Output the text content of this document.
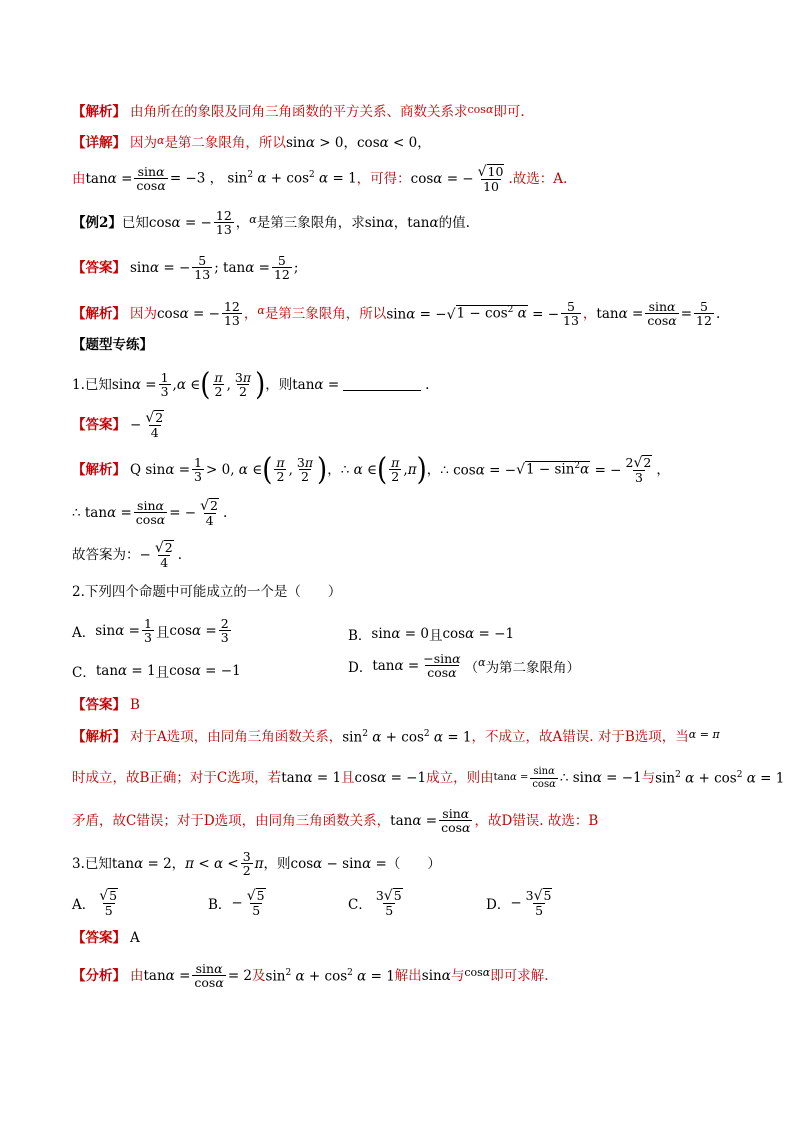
【解析】 由角所在的象限及同角三角函数的平方关系、商数关系求 cosα 即可.
【详解】 因为 α 是第二象限角，所以 sinα > 0 ， cosα < 0 ，
由 $\tan\alpha = \frac{\sin\alpha}{\cos\alpha} = -3$ ， $\sin^2 \alpha + \cos^2 \alpha = 1$ ，可得： cosα = − $\frac{√ 10}{10}$ .故选：A.
【例2】 已知 cosα = − $\frac{12}{13}$ ， α 是第三象限角，求 sinα ， tanα 的值.
【答案】 sinα = − $\frac{5}{13}$ ; $\tan\alpha = \frac{5}{12}$ ;
【解析】 因为 cosα = − $\frac{12}{13}$ ， α 是第三象限角，所以 sinα = − √ $1 - \cos^2 \alpha$ = − $\frac{5}{13}$ ， $\tan\alpha = \frac{\sin\alpha}{\cos\alpha} = \frac{5}{12}$ .
【题型专练】
1.已知 $\sin\alpha = \frac{1}{3} ,\alpha$ ∈ ( $\frac{\pi}{2}$ , $\frac{3\pi}{2}$ ) ，则 tanα =	.
【答案】 − $\frac{√ 2}{4}$
【解析】 Q $\sin\alpha = \frac{1}{3} > 0$, α ∈ ( $\frac{\pi}{2}$ , $\frac{3\pi}{2}$ ) ， ∴ α ∈ ( $\frac{\pi}{2}$ , π ) ， ∴ cosα = − √ $1 - \sin^2\alpha$ = − $\frac{2 √ 2}{3}$ ，
∴ $\tan\alpha = \frac{\sin\alpha}{\cos\alpha}$ = − $\frac{√ 2}{4}$ .
故答案为： − $\frac{√ 2}{4}$ .
2.下列四个命题中可能成立的一个是（　　）
A． $\sin\alpha = \frac{1}{3}$ 且 $\cos\alpha = \frac{2}{3}$	B． sinα = 0 且 cosα = −1
C． tanα = 1 且 cosα = −1	D． $\tan\alpha = \frac{-\sin\alpha}{\cos\alpha}$ （ α 为第二象限角）
【答案】 B
【解析】 对于A选项，由同角三角函数关系， $\sin^2 \alpha + \cos^2 \alpha = 1$ ，不成立，故A错误. 对于B选项，当 α = π
时成立，故B正确；对于C选项，若 tanα = 1 且 cosα = −1 成立，则由 $\tan\alpha = \frac{\sin\alpha}{\cos\alpha}$ ∴ sinα = −1 与 $\sin^2 \alpha + \cos^2 \alpha = 1$
矛盾，故C错误；对于D选项，由同角三角函数关系， $\tan\alpha = \frac{\sin\alpha}{\cos\alpha}$ ，故D错误. 故选：B
3.已知 tanα = 2 ， $\pi < \alpha < \frac{3}{2}$ π ，则 cosα − sinα = （　　）
A． $\frac{√ 5}{5}$	B． − $\frac{√ 5}{5}$	C． $\frac{3 √ 5}{5}$	D． − $\frac{3 √ 5}{5}$
【答案】 A
【分析】 由 $\tan\alpha = \frac{\sin\alpha}{\cos\alpha} = 2$ 及 $\sin^2 \alpha + \cos^2 \alpha = 1$ 解出 sinα 与 cosα 即可求解.
